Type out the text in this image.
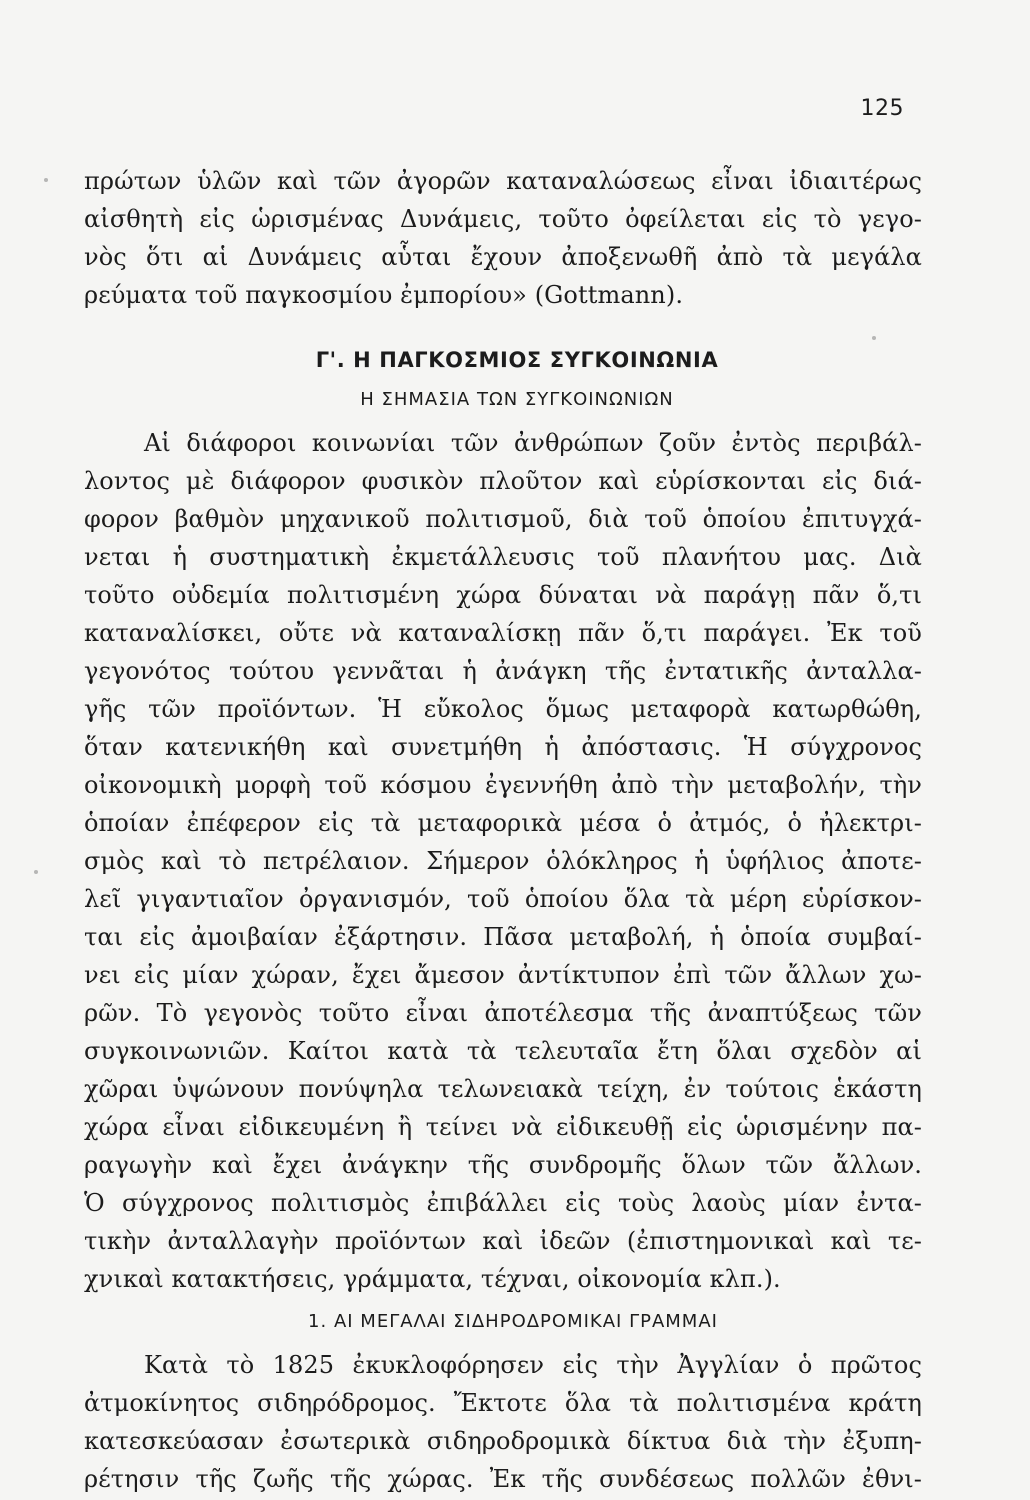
125
πρώτων ὑλῶν καὶ τῶν ἀγορῶν καταναλώσεως εἶναι ἰδιαιτέρως
αἰσθητὴ εἰς ὡρισμένας Δυνάμεις, τοῦτο ὀφείλεται εἰς τὸ γεγο-
νὸς ὅτι αἱ Δυνάμεις αὗται ἔχουν ἀποξενωθῆ ἀπὸ τὰ μεγάλα
ρεύματα τοῦ παγκοσμίου ἐμπορίου» (Gottmann).
Γ'. Η ΠΑΓΚΟΣΜΙΟΣ ΣΥΓΚΟΙΝΩΝΙΑ
Η ΣΗΜΑΣΙΑ ΤΩΝ ΣΥΓΚΟΙΝΩΝΙΩΝ
Αἱ διάφοροι κοινωνίαι τῶν ἀνθρώπων ζοῦν ἐντὸς περιβάλ-
λοντος μὲ διάφορον φυσικὸν πλοῦτον καὶ εὑρίσκονται εἰς διά-
φορον βαθμὸν μηχανικοῦ πολιτισμοῦ, διὰ τοῦ ὁποίου ἐπιτυγχά-
νεται ἡ συστηματικὴ ἐκμετάλλευσις τοῦ πλανήτου μας. Διὰ
τοῦτο οὐδεμία πολιτισμένη χώρα δύναται νὰ παράγῃ πᾶν ὅ,τι
καταναλίσκει, οὔτε νὰ καταναλίσκῃ πᾶν ὅ,τι παράγει. Ἐκ τοῦ
γεγονότος τούτου γεννᾶται ἡ ἀνάγκη τῆς ἐντατικῆς ἀνταλλα-
γῆς τῶν προϊόντων. Ἡ εὔκολος ὅμως μεταφορὰ κατωρθώθη,
ὅταν κατενικήθη καὶ συνετμήθη ἡ ἀπόστασις. Ἡ σύγχρονος
οἰκονομικὴ μορφὴ τοῦ κόσμου ἐγεννήθη ἀπὸ τὴν μεταβολήν, τὴν
ὁποίαν ἐπέφερον εἰς τὰ μεταφορικὰ μέσα ὁ ἀτμός, ὁ ἠλεκτρι-
σμὸς καὶ τὸ πετρέλαιον. Σήμερον ὁλόκληρος ἡ ὑφήλιος ἀποτε-
λεῖ γιγαντιαῖον ὀργανισμόν, τοῦ ὁποίου ὅλα τὰ μέρη εὑρίσκον-
ται εἰς ἀμοιβαίαν ἐξάρτησιν. Πᾶσα μεταβολή, ἡ ὁποία συμβαί-
νει εἰς μίαν χώραν, ἔχει ἄμεσον ἀντίκτυπον ἐπὶ τῶν ἄλλων χω-
ρῶν. Τὸ γεγονὸς τοῦτο εἶναι ἀποτέλεσμα τῆς ἀναπτύξεως τῶν
συγκοινωνιῶν. Καίτοι κατὰ τὰ τελευταῖα ἔτη ὅλαι σχεδὸν αἱ
χῶραι ὑψώνουν πονύψηλα τελωνειακὰ τείχη, ἐν τούτοις ἑκάστη
χώρα εἶναι εἰδικευμένη ἢ τείνει νὰ εἰδικευθῇ εἰς ὡρισμένην πα-
ραγωγὴν καὶ ἔχει ἀνάγκην τῆς συνδρομῆς ὅλων τῶν ἄλλων.
Ὁ σύγχρονος πολιτισμὸς ἐπιβάλλει εἰς τοὺς λαοὺς μίαν ἐντα-
τικὴν ἀνταλλαγὴν προϊόντων καὶ ἰδεῶν (ἐπιστημονικαὶ καὶ τε-
χνικαὶ κατακτήσεις, γράμματα, τέχναι, οἰκονομία κλπ.).
1. ΑΙ ΜΕΓΑΛΑΙ ΣΙΔΗΡΟΔΡΟΜΙΚΑΙ ΓΡΑΜΜΑΙ
Κατὰ τὸ 1825 ἐκυκλοφόρησεν εἰς τὴν Ἀγγλίαν ὁ πρῶτος
ἀτμοκίνητος σιδηρόδρομος. Ἔκτοτε ὅλα τὰ πολιτισμένα κράτη
κατεσκεύασαν ἐσωτερικὰ σιδηροδρομικὰ δίκτυα διὰ τὴν ἐξυπη-
ρέτησιν τῆς ζωῆς τῆς χώρας. Ἐκ τῆς συνδέσεως πολλῶν ἐθνι-
